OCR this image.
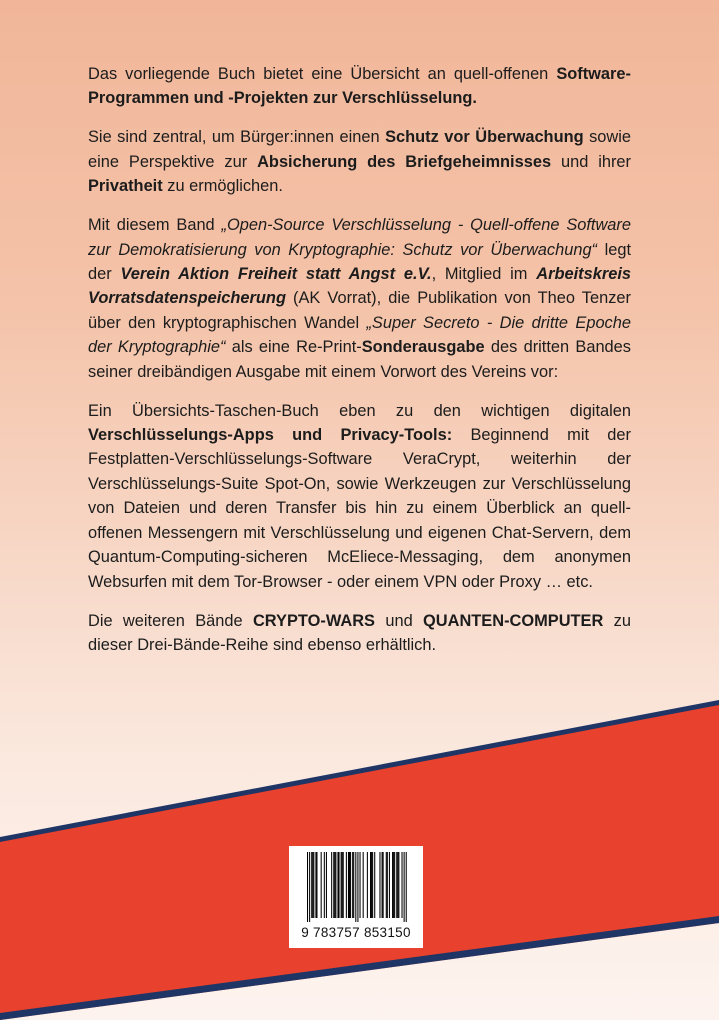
Das vorliegende Buch bietet eine Übersicht an quell-offenen Software-Programmen und -Projekten zur Verschlüsselung.

Sie sind zentral, um Bürger:innen einen Schutz vor Überwachung sowie eine Perspektive zur Absicherung des Briefgeheimnisses und ihrer Privatheit zu ermöglichen.

Mit diesem Band „Open-Source Verschlüsselung - Quell-offene Software zur Demokratisierung von Kryptographie: Schutz vor Überwachung“ legt der Verein Aktion Freiheit statt Angst e.V., Mitglied im Arbeitskreis Vorratsdatenspeicherung (AK Vorrat), die Publikation von Theo Tenzer über den kryptographischen Wandel „Super Secreto - Die dritte Epoche der Kryptographie“ als eine Re-Print-Sonderausgabe des dritten Bandes seiner dreibändigen Ausgabe mit einem Vorwort des Vereins vor:

Ein Übersichts-Taschen-Buch eben zu den wichtigen digitalen Verschlüsselungs-Apps und Privacy-Tools: Beginnend mit der Festplatten-Verschlüsselungs-Software VeraCrypt, weiterhin der Verschlüsselungs-Suite Spot-On, sowie Werkzeugen zur Verschlüsselung von Dateien und deren Transfer bis hin zu einem Überblick an quell-offenen Messengern mit Verschlüsselung und eigenen Chat-Servern, dem Quantum-Computing-sicheren McEliece-Messaging, dem anonymen Websurfen mit dem Tor-Browser - oder einem VPN oder Proxy … etc.

Die weiteren Bände CRYPTO-WARS und QUANTEN-COMPUTER zu dieser Drei-Bände-Reihe sind ebenso erhältlich.

9 783757 853150
